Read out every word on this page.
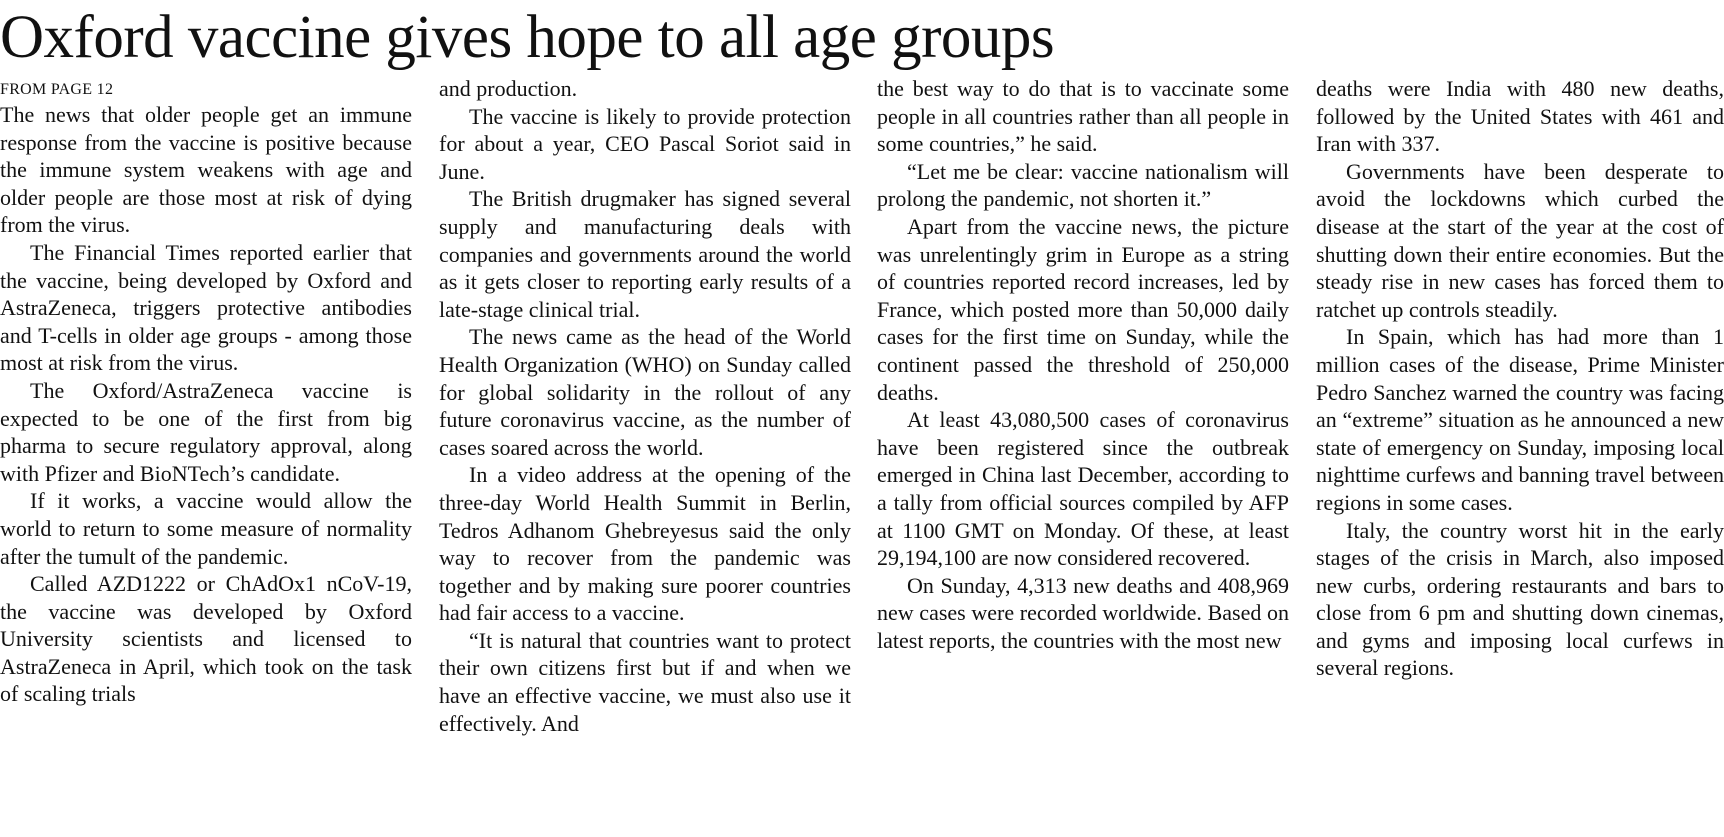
Oxford vaccine gives hope to all age groups

FROM PAGE 12

The news that older people get an immune response from the vaccine is positive because the immune system weakens with age and older people are those most at risk of dying from the virus.

The Financial Times reported earlier that the vaccine, being developed by Oxford and AstraZeneca, triggers protective antibodies and T-cells in older age groups - among those most at risk from the virus.

The Oxford/AstraZeneca vaccine is expected to be one of the first from big pharma to secure regulatory approval, along with Pfizer and BioNTech’s candidate.

If it works, a vaccine would allow the world to return to some measure of normality after the tumult of the pandemic.

Called AZD1222 or ChAdOx1 nCoV-19, the vaccine was developed by Oxford University scientists and licensed to AstraZeneca in April, which took on the task of scaling trials

and production.

The vaccine is likely to provide protection for about a year, CEO Pascal Soriot said in June.

The British drugmaker has signed several supply and manufacturing deals with companies and governments around the world as it gets closer to reporting early results of a late-stage clinical trial.

The news came as the head of the World Health Organization (WHO) on Sunday called for global solidarity in the rollout of any future coronavirus vaccine, as the number of cases soared across the world.

In a video address at the opening of the three-day World Health Summit in Berlin, Tedros Adhanom Ghebreyesus said the only way to recover from the pandemic was together and by making sure poorer countries had fair access to a vaccine.

“It is natural that countries want to protect their own citizens first but if and when we have an effective vaccine, we must also use it effectively. And

the best way to do that is to vaccinate some people in all countries rather than all people in some countries,” he said.

“Let me be clear: vaccine nationalism will prolong the pandemic, not shorten it.”

Apart from the vaccine news, the picture was unrelentingly grim in Europe as a string of countries reported record increases, led by France, which posted more than 50,000 daily cases for the first time on Sunday, while the continent passed the threshold of 250,000 deaths.

At least 43,080,500 cases of coronavirus have been registered since the outbreak emerged in China last December, according to a tally from official sources compiled by AFP at 1100 GMT on Monday. Of these, at least 29,194,100 are now considered recovered.

On Sunday, 4,313 new deaths and 408,969 new cases were recorded worldwide. Based on latest reports, the countries with the most new

deaths were India with 480 new deaths, followed by the United States with 461 and Iran with 337.

Governments have been desperate to avoid the lockdowns which curbed the disease at the start of the year at the cost of shutting down their entire economies. But the steady rise in new cases has forced them to ratchet up controls steadily.

In Spain, which has had more than 1 million cases of the disease, Prime Minister Pedro Sanchez warned the country was facing an “extreme” situation as he announced a new state of emergency on Sunday, imposing local nighttime curfews and banning travel between regions in some cases.

Italy, the country worst hit in the early stages of the crisis in March, also imposed new curbs, ordering restaurants and bars to close from 6 pm and shutting down cinemas, and gyms and imposing local curfews in several regions.
